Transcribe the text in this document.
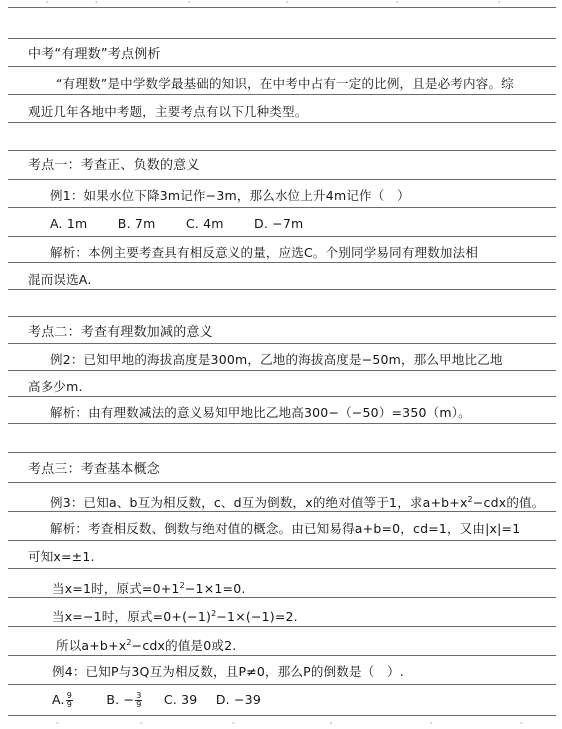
ˈ	ˈ	ˈ	ˈ	ˈ	ˈ
ˌ	ˌ	ˌ	ˌ	ˌ	ˌ
中考“有理数”考点例析
“有理数”是中学数学最基础的知识，在中考中占有一定的比例，且是必考内容。综
观近几年各地中考题，主要考点有以下几种类型。
考点一：考查正、负数的意义
例1：如果水位下降3m记作−3m，那么水位上升4m记作（　）
A. 1m B. 7m C. 4m D. −7m
解析：本例主要考查具有相反意义的量，应选C。个别同学易同有理数加法相
混而误选A.
考点二：考查有理数加减的意义
例2：已知甲地的海拔高度是300m，乙地的海拔高度是−50m，那么甲地比乙地
高多少m.
解析：由有理数减法的意义易知甲地比乙地高300−（−50）=350（m）。
考点三：考查基本概念
例3：已知a、b互为相反数，c、d互为倒数，x的绝对值等于1，求$a+b+x^2-cdx$的值。
解析：考查相反数、倒数与绝对值的概念。由已知易得a+b=0，cd=1，又由|x|=1
可知x=±1.
当x=1时，原式$=0+1^2-1\times 1=0$.
当x=−1时，原式$=0+(-1)^2-1\times(-1)=2$.
所以$a+b+x^2-cdx$的值是0或2.
例4：已知P与3Q互为相反数，且P≠0，那么P的倒数是（　）.
A. $\frac{9}{9}$	B. − $\frac{3}{9} C$. 39 D. −39
